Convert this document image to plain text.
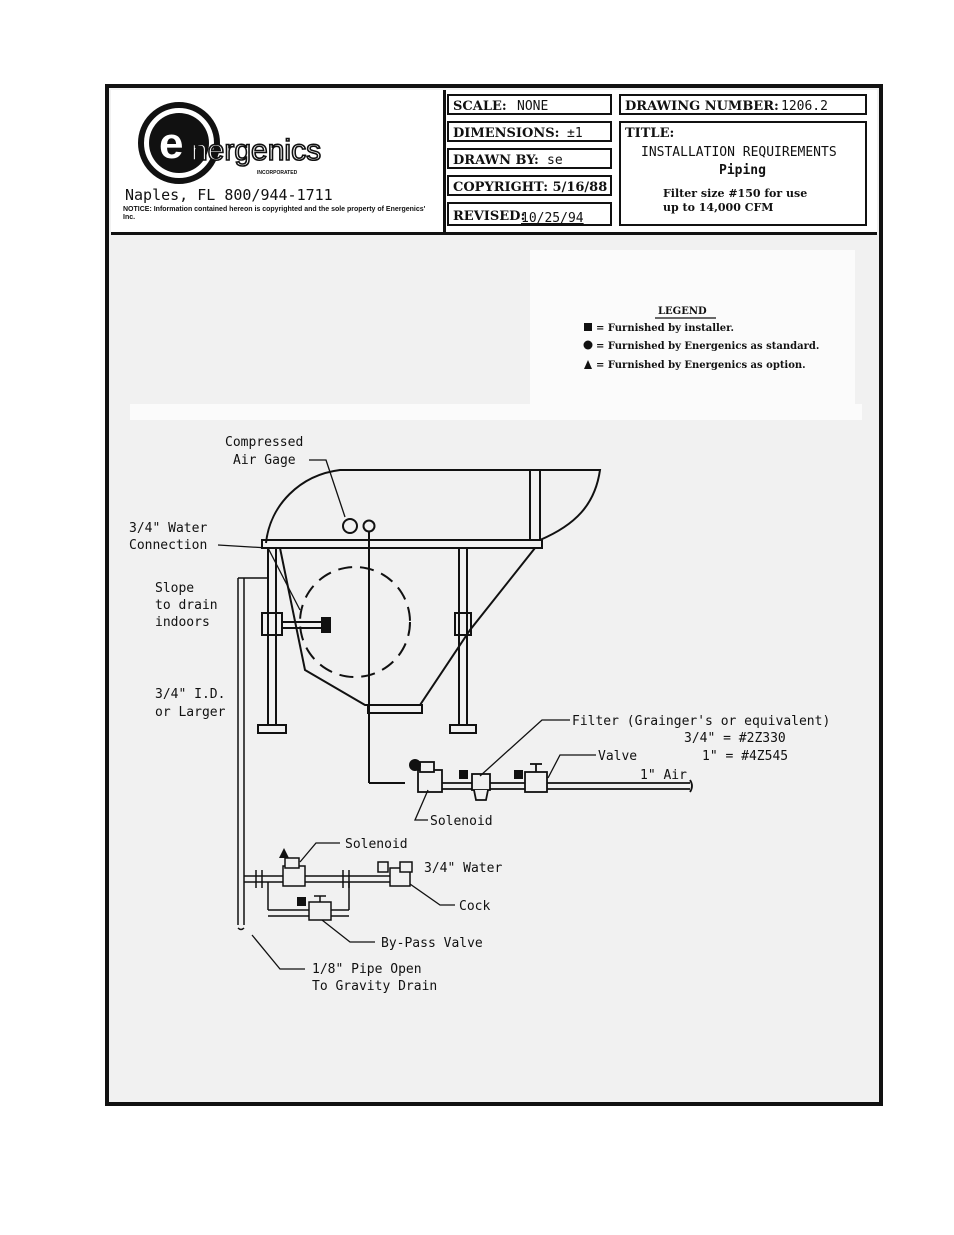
LEGEND
= Furnished by installer.
= Furnished by Energenics as standard.
= Furnished by Energenics as option.
Compressed
Air Gage
3/4" Water
Connection
Slope
to drain
indoors
3/4" I.D.
or Larger
Filter (Grainger's or equivalent)
3/4" = #2Z330
1" = #4Z545
Valve
1" Air
Solenoid
Solenoid
3/4" Water
Cock
By-Pass Valve
1/8" Pipe Open
To Gravity Drain
e nergenics
INCORPORATED
Naples, FL 800/944-1711
NOTICE: Information contained hereon is copyrighted and the sole property of Energenics' Inc.
SCALE: NONE
DIMENSIONS: ±1
DRAWN BY: se
COPYRIGHT: 5/16/88
REVISED:
10/25/94
DRAWING NUMBER: 1206.2
TITLE:
INSTALLATION REQUIREMENTS
Piping
Filter size #150 for use
up to 14,000 CFM
